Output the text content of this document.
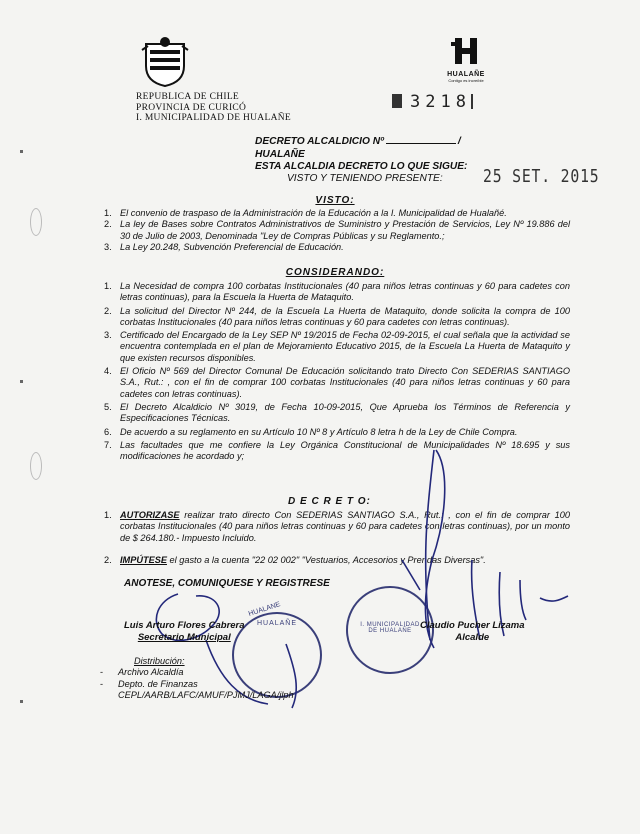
REPUBLICA DE CHILE
PROVINCIA DE CURICÓ
I. MUNICIPALIDAD DE HUALAÑE
HUALAÑE
Contigo es increíble
3218
DECRETO ALCALDICIO Nº	/
HUALAÑE
ESTA ALCALDIA DECRETO LO QUE SIGUE:
VISTO Y TENIENDO PRESENTE: 25 SET. 2015
VISTO:
1. El convenio de traspaso de la Administración de la Educación a la I. Municipalidad de Hualañé.
2. La ley de Bases sobre Contratos Administrativos de Suministro y Prestación de Servicios, Ley Nº 19.886 del 30 de Julio de 2003, Denominada "Ley de Compras Públicas y su Reglamento.;
3. La Ley 20.248, Subvención Preferencial de Educación.
CONSIDERANDO:
1. La Necesidad de compra 100 corbatas Institucionales (40 para niños letras continuas y 60 para cadetes con letras continuas), para la Escuela la Huerta de Mataquito.
2. La solicitud del Director Nº 244, de la Escuela La Huerta de Mataquito, donde solicita la compra de 100 corbatas Institucionales (40 para niños letras continuas y 60 para cadetes con letras continuas).
3. Certificado del Encargado de la Ley SEP Nº 19/2015 de Fecha 02-09-2015, el cual señala que la actividad se encuentra contemplada en el plan de Mejoramiento Educativo 2015, de la Escuela La Huerta de Mataquito y que existen recursos disponibles.
4. El Oficio Nº 569 del Director Comunal De Educación solicitando trato Directo Con SEDERIAS SANTIAGO S.A., Rut.: , con el fin de comprar 100 corbatas Institucionales (40 para niños letras continuas y 60 para cadetes con letras continuas).
5. El Decreto Alcaldicio Nº 3019, de Fecha 10-09-2015, Que Aprueba los Términos de Referencia y Especificaciones Técnicas.
6. De acuerdo a su reglamento en su Artículo 10 Nº 8 y Artículo 8 letra h de la Ley de Chile Compra.
7. Las facultades que me confiere la Ley Orgánica Constitucional de Municipalidades Nº 18.695 y sus modificaciones he acordado y;
D E C R E T O:
1. AUTORIZASE realizar trato directo Con SEDERIAS SANTIAGO S.A., Rut.: , con el fin de comprar 100 corbatas Institucionales (40 para niños letras continuas y 60 para cadetes con letras continuas), por un monto de $ 264.180.- Impuesto Incluido.
2. IMPÚTESE el gasto a la cuenta "22 02 002" "Vestuarios, Accesorios y Prendas Diversas".
ANOTESE, COMUNIQUESE Y REGISTRESE
HUALAÑE	I. MUNICIPALIDAD DE HUALAÑE
HUALANE
Luis Arturo Flores Cabrera
Secretario Municipal
Claudio Pucher Lizama
Alcalde
Distribución:
- Archivo Alcaldía
- Depto. de Finanzas
CEPL/AARB/LAFC/AMUF/PJMJ/LAGA/jlph
